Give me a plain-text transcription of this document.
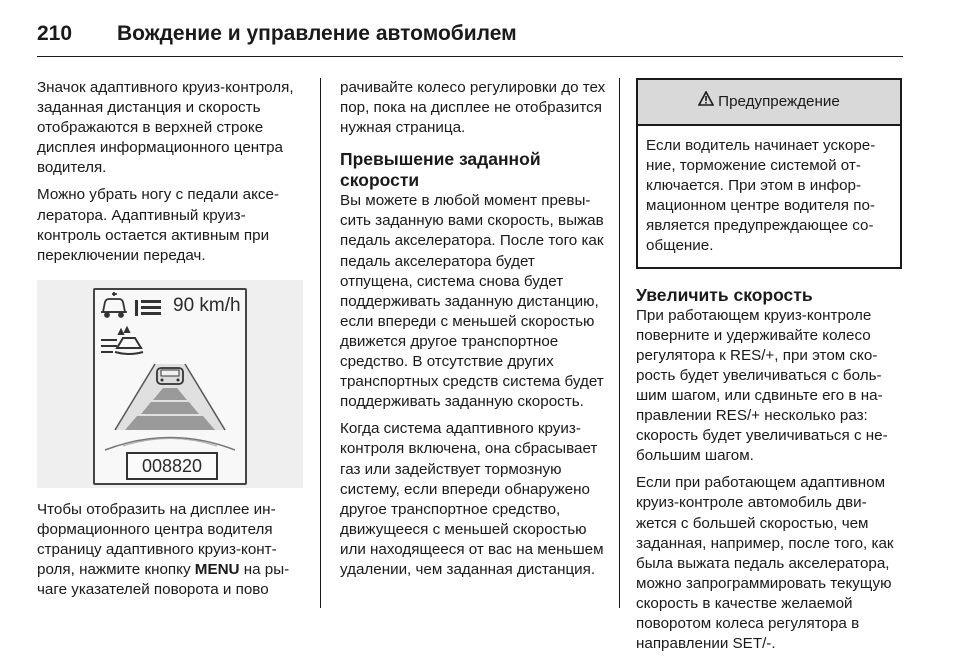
210	Вождение и управление автомобилем

Значок адаптивного круиз-контроля, заданная дистанция и скорость отображаются в верхней строке дисплея информационного центра водителя.

Можно убрать ногу с педали акселератора. Адаптивный круиз-контроль остается активным при переключении передач.

90 km/h
008820

Чтобы отобразить на дисплее информационного центра водителя страницу адаптивного круиз-контроля, нажмите кнопку MENU на рычаге указателей поворота и пово

рачивайте колесо регулировки до тех пор, пока на дисплее не отобразится нужная страница.

Превышение заданной скорости

Вы можете в любой момент превысить заданную вами скорость, выжав педаль акселератора. После того как педаль акселератора будет отпущена, система снова будет поддерживать заданную дистанцию, если впереди с меньшей скоростью движется другое транспортное средство. В отсутствие других транспортных средств система будет поддерживать заданную скорость.

Когда система адаптивного круиз-контроля включена, она сбрасывает газ или задействует тормозную систему, если впереди обнаружено другое транспортное средство, движущееся с меньшей скоростью или находящееся от вас на меньшем удалении, чем заданная дистанция.

Предупреждение
Если водитель начинает ускорение, торможение системой отключается. При этом в информационном центре водителя появляется предупреждающее сообщение.
Увеличить скорость

При работающем круиз-контроле поверните и удерживайте колесо регулятора к RES/+, при этом скорость будет увеличиваться с большим шагом, или сдвиньте его в направлении RES/+ несколько раз: скорость будет увеличиваться с небольшим шагом.

Если при работающем адаптивном круиз-контроле автомобиль движется с большей скоростью, чем заданная, например, после того, как была выжата педаль акселератора, можно запрограммировать текущую скорость в качестве желаемой поворотом колеса регулятора в направлении SET/-.
